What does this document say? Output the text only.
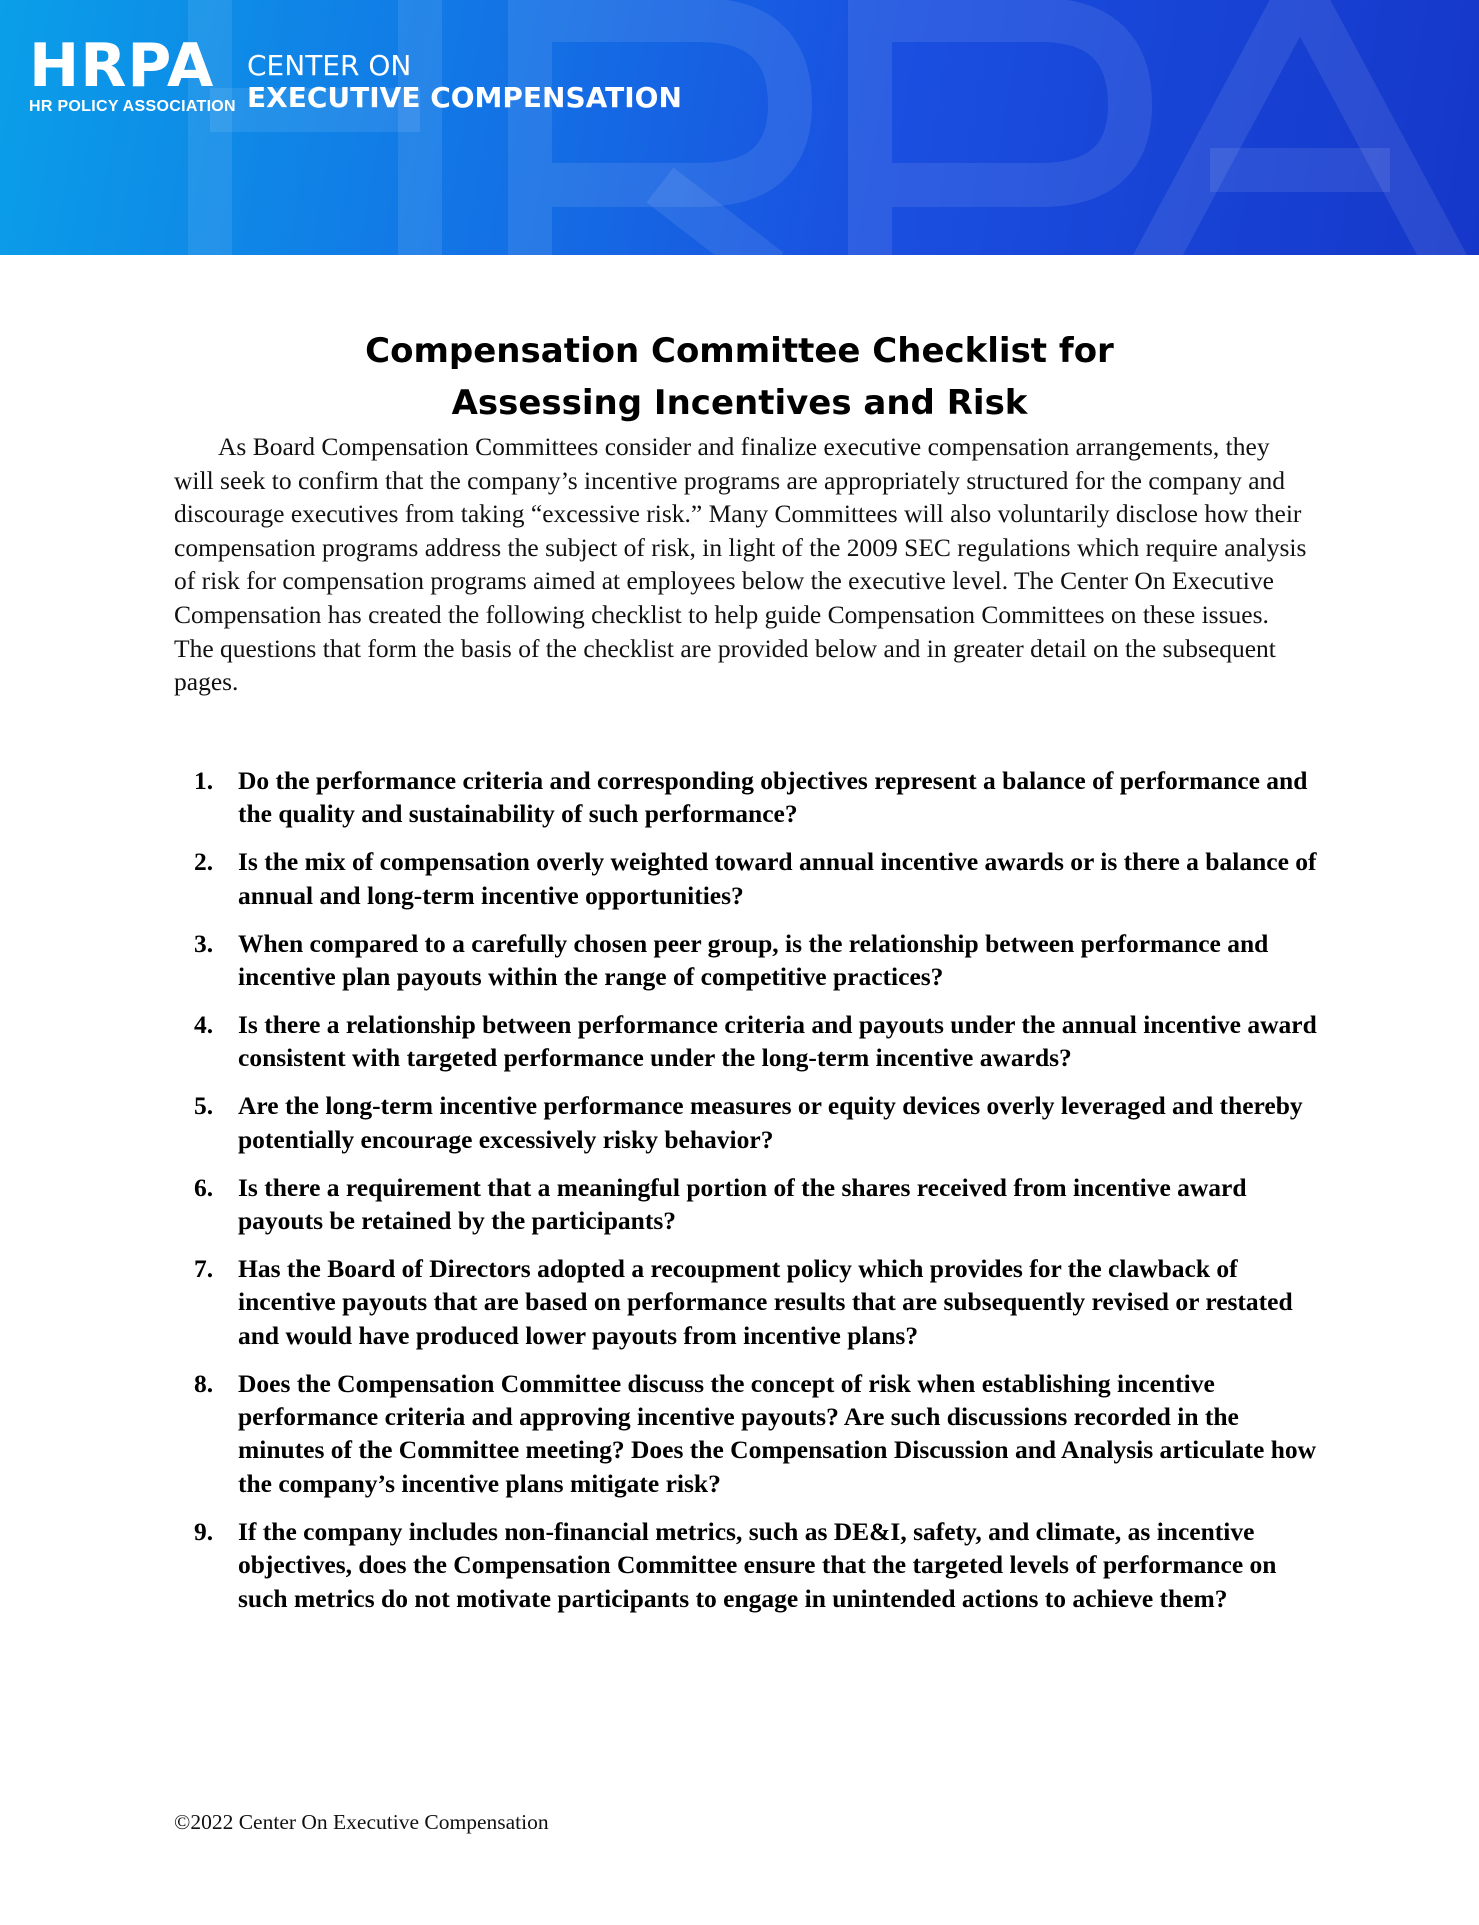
HRPA
HR POLICY ASSOCIATION
CENTER ON
EXECUTIVE COMPENSATION
Compensation Committee Checklist for
Assessing Incentives and Risk

As Board Compensation Committees consider and finalize executive compensation arrangements, they will seek to confirm that the company’s incentive programs are appropriately structured for the company and discourage executives from taking “excessive risk.” Many Committees will also voluntarily disclose how their compensation programs address the subject of risk, in light of the 2009 SEC regulations which require analysis of risk for compensation programs aimed at employees below the executive level. The Center On Executive Compensation has created the following checklist to help guide Compensation Committees on these issues. The questions that form the basis of the checklist are provided below and in greater detail on the subsequent pages.

1. Do the performance criteria and corresponding objectives represent a balance of performance and the quality and sustainability of such performance?
2. Is the mix of compensation overly weighted toward annual incentive awards or is there a balance of annual and long-term incentive opportunities?
3. When compared to a carefully chosen peer group, is the relationship between performance and incentive plan payouts within the range of competitive practices?
4. Is there a relationship between performance criteria and payouts under the annual incentive award consistent with targeted performance under the long-term incentive awards?
5. Are the long-term incentive performance measures or equity devices overly leveraged and thereby potentially encourage excessively risky behavior?
6. Is there a requirement that a meaningful portion of the shares received from incentive award payouts be retained by the participants?
7. Has the Board of Directors adopted a recoupment policy which provides for the clawback of incentive payouts that are based on performance results that are subsequently revised or restated and would have produced lower payouts from incentive plans?
8. Does the Compensation Committee discuss the concept of risk when establishing incentive performance criteria and approving incentive payouts? Are such discussions recorded in the minutes of the Committee meeting? Does the Compensation Discussion and Analysis articulate how the company’s incentive plans mitigate risk?
9. If the company includes non-financial metrics, such as DE&I, safety, and climate, as incentive objectives, does the Compensation Committee ensure that the targeted levels of performance on such metrics do not motivate participants to engage in unintended actions to achieve them?
©2022 Center On Executive Compensation
